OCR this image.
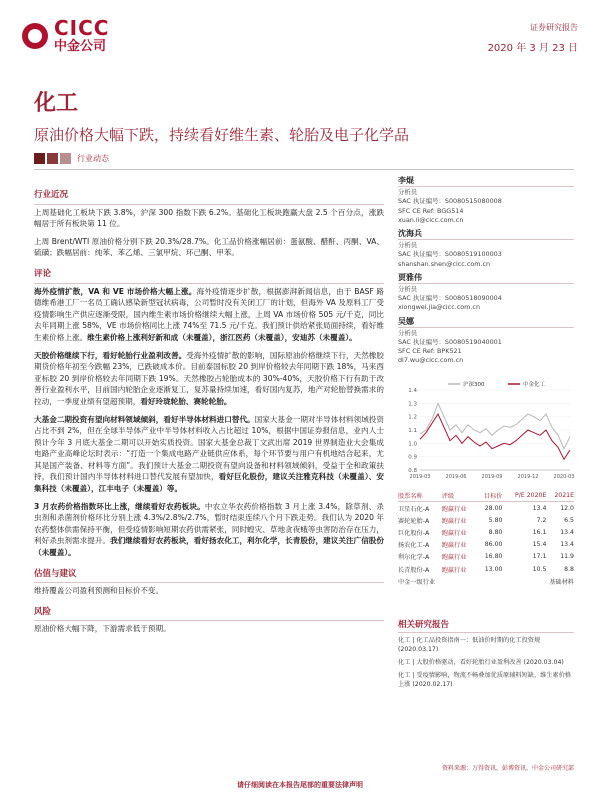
CICC
中金公司
证券研究报告
2020 年 3 月 23 日
化工
原油价格大幅下跌，持续看好维生素、轮胎及电子化学品
行业动态
行业近况

上周基础化工板块下跌 3.8%，沪深 300 指数下跌 6.2%。基础化工板块跑赢大盘 2.5 个百分点，涨跌幅居于所有板块第 11 位。

上周 Brent/WTI 原油价格分别下跌 20.3%/28.7%。化工品价格涨幅居前：蛋氨酸、醋酐、丙酮、VA、硫磺；跌幅居前：纯苯、苯乙烯、三氯甲烷、环己酮、甲苯。

评论

海外疫情扩散，VA 和 VE 市场价格大幅上涨。海外疫情逐步扩散，根据澎湃新闻信息，由于 BASF 路德维希港工厂一名员工确认感染新型冠状病毒，公司暂时没有关闭工厂的计划，但海外 VA 及原料工厂受疫情影响生产供应逐渐受限，国内维生素市场价格继续大幅上涨，上周 VA 市场价格 505 元/千克，同比去年同期上涨 58%，VE 市场价格同比上涨 74%至 71.5 元/千克。我们预计供给紧张局面持续，看好维生素价格上涨。维生素价格上涨利好新和成（未覆盖），浙江医药（未覆盖），安迪苏（未覆盖）。

天胶价格继续下行，看好轮胎行业盈利改善。受海外疫情扩散的影响，国际原油价格继续下行，天然橡胶期货价格年初至今跌幅 23%，已跌破成本价。目前泰国标胶 20 到岸价格较去年同期下跌 18%，马来西亚标胶 20 到岸价格较去年同期下跌 19%。天然橡胶占轮胎成本的 30%-40%，天胶价格下行有助于改善行业盈利水平，目前国内轮胎企业逐渐复工，复苏量持续加速，看好国内复苏，地产对轮胎替换需求的拉动，一季度业绩有望超预期，看好玲珑轮胎、赛轮轮胎。

大基金二期投资有望向材料领域倾斜，看好半导体材料进口替代。国家大基金一期对半导体材料领域投资占比不到 2%，但在全球半导体产业中半导体材料收入占比超过 10%，根据中国证券报信息，业内人士预计今年 3 月底大基金二期可以开始实质投资。国家大基金总裁丁文武出席 2019 世界制造业大会集成电路产业高峰论坛时表示：“打造一个集成电路产业链供应体系，每个环节要与用户有机地结合起来，尤其是国产装备、材料等方面”。我们预计大基金二期投资有望向设备和材料领域倾斜，受益于全和政策扶持，我们预计国内半导体材料进口替代发展有望加快，看好巨化股份，建议关注雅克科技（未覆盖）、安集科技（未覆盖），江丰电子（未覆盖）等。

3 月农药价格指数环比上涨，继续看好农药板块。中农立华农药价格指数 3 月上涨 3.4%，除草剂、杀虫剂和杀菌剂价格环比分别上涨 4.3%/2.8%/2.7%，暂时结束连续八个月下跌走势。我们认为 2020 年农药整体供需保持平衡，但受疫情影响短期农药供需紧张，同时蝗灾、草地贪夜蛾等虫害防治存在压力，利好杀虫剂需求提升。我们继续看好农药板块，看好扬农化工，利尔化学，长青股份，建议关注广信股份（未覆盖）。

估值与建议

维持覆盖公司盈利预测和目标价不变。

风险

原油价格大幅下降，下游需求低于预期。

李焜
分析员
SAC 执证编号：S0080515080008
SFC CE Ref: BGG514
xuan.li@cicc.com.cn
沈海兵
分析员
SAC 执证编号：S0080519100003
shanshan.shen@cicc.com.cn
贾雅伟
分析员
SAC 执证编号：S0080518090004
xiongwei.jia@cicc.com.cn
吴娜
分析员
SAC 执证编号：S0080519040001
SFC CE Ref: BPK521
di7.wu@cicc.com.cn
1.4
1.3
1.2
1.1
1.0
0.9
0.8
2019-03	2019-06	2019-09	2019-12	2020-03
沪深300	中金化工
股票名称	评级	目标价	P/E 2020E	2021E
卫星石化-A	跑赢行业	28.00	13.4	12.0
赛轮轮胎-A	跑赢行业	5.80	7.2	6.5
巨化股份-A	跑赢行业	8.80	16.1	13.4
扬农化工-A	跑赢行业	86.00	15.4	13.4
利尔化学-A	跑赢行业	16.80	17.1	11.9
长青股份-A	跑赢行业	13.00	10.5	8.8
中金一级行业			基础材料	
相关研究报告
化工 | 化工品投资指南一：低油价时期的化工投资规 (2020.03.17)
化工 | 大股价格驱动，看好轮胎行业盈利改善 (2020.03.04)
化工 | 受疫情影响，物流不畅叠加优质原辅料短缺，维生素价格上涨 (2020.02.17)
资料来源：万得资讯，彭博资讯，中金公司研究部
请仔细阅读在本报告尾部的重要法律声明
